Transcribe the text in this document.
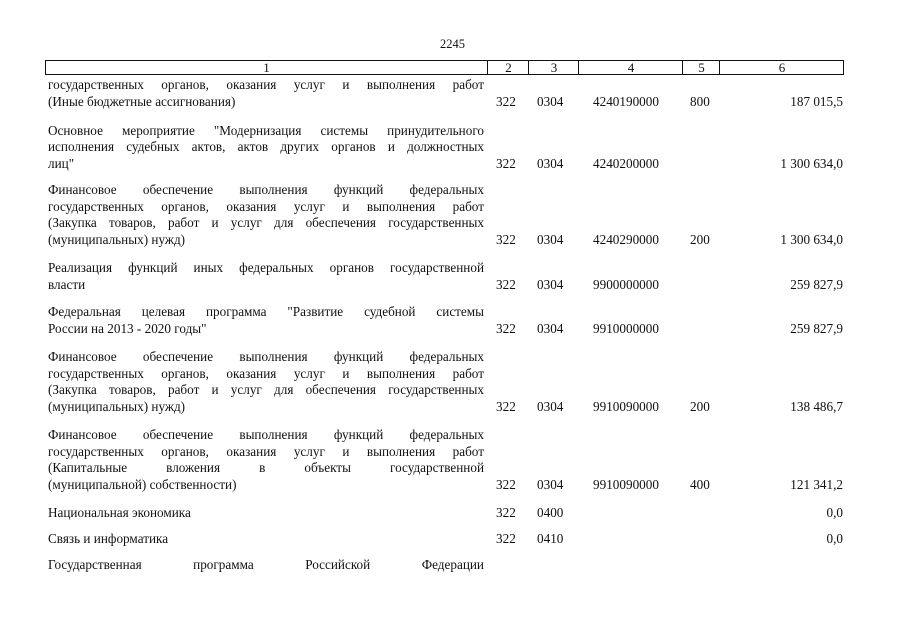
2245
1	2	3	4	5	6
государственных органов, оказания услуг и выполнения работ
(Иные бюджетные ассигнования)	322 0304 4240190000 800	187 015,5
Основное мероприятие "Модернизация системы принудительного
исполнения судебных актов, актов других органов и должностных
лиц"	322 0304 4240200000	1 300 634,0
Финансовое обеспечение выполнения функций федеральных
государственных органов, оказания услуг и выполнения работ
(Закупка товаров, работ и услуг для обеспечения государственных
(муниципальных) нужд)	322 0304 4240290000 200	1 300 634,0
Реализация функций иных федеральных органов государственной
власти	322 0304 9900000000	259 827,9
Федеральная целевая программа "Развитие судебной системы
России на 2013 - 2020 годы"	322 0304 9910000000	259 827,9
Финансовое обеспечение выполнения функций федеральных
государственных органов, оказания услуг и выполнения работ
(Закупка товаров, работ и услуг для обеспечения государственных
(муниципальных) нужд)	322 0304 9910090000 200	138 486,7
Финансовое обеспечение выполнения функций федеральных
государственных органов, оказания услуг и выполнения работ
(Капитальные вложения в объекты государственной
(муниципальной) собственности)	322 0304 9910090000 400	121 341,2
Национальная экономика	322 0400	0,0
Связь и информатика	322 0410	0,0
Государственная программа Российской Федерации
